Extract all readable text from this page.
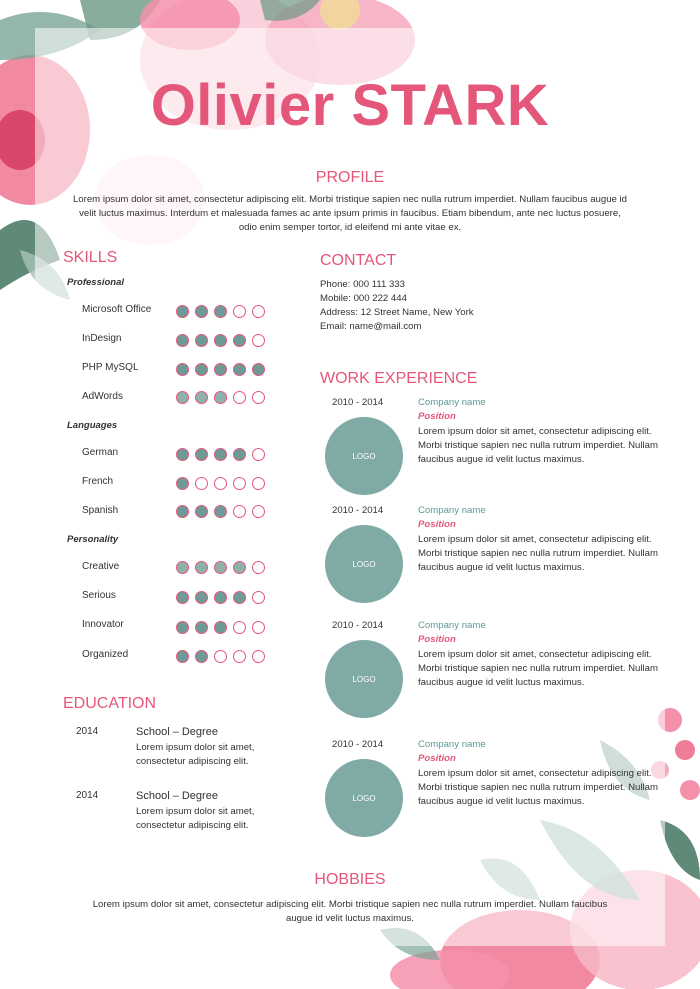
Olivier STARK
PROFILE
Lorem ipsum dolor sit amet, consectetur adipiscing elit. Morbi tristique sapien nec nulla rutrum imperdiet. Nullam faucibus augue id velit luctus maximus. Interdum et malesuada fames ac ante ipsum primis in faucibus. Etiam bibendum, ante nec luctus posuere, odio enim semper tortor, id eleifend mi ante vitae ex.
SKILLS
Professional
Microsoft Office
InDesign
PHP MySQL
AdWords
Languages
German
French
Spanish
Personality
Creative
Serious
Innovator
Organized
EDUCATION
2014	School – Degree
Lorem ipsum dolor sit amet, consectetur adipiscing elit.
2014	School – Degree
Lorem ipsum dolor sit amet, consectetur adipiscing elit.
CONTACT
Phone: 000 111 333
Mobile: 000 222 444
Address: 12 Street Name, New York
Email: name@mail.com
WORK EXPERIENCE
2010 - 2014
LOGO
Company name
Position
Lorem ipsum dolor sit amet, consectetur adipiscing elit. Morbi tristique sapien nec nulla rutrum imperdiet. Nullam faucibus augue id velit luctus maximus.
2010 - 2014
LOGO
Company name
Position
Lorem ipsum dolor sit amet, consectetur adipiscing elit. Morbi tristique sapien nec nulla rutrum imperdiet. Nullam faucibus augue id velit luctus maximus.
2010 - 2014
LOGO
Company name
Position
Lorem ipsum dolor sit amet, consectetur adipiscing elit. Morbi tristique sapien nec nulla rutrum imperdiet. Nullam faucibus augue id velit luctus maximus.
2010 - 2014
LOGO
Company name
Position
Lorem ipsum dolor sit amet, consectetur adipiscing elit. Morbi tristique sapien nec nulla rutrum imperdiet. Nullam faucibus augue id velit luctus maximus.
HOBBIES
Lorem ipsum dolor sit amet, consectetur adipiscing elit. Morbi tristique sapien nec nulla rutrum imperdiet. Nullam faucibus augue id velit luctus maximus.
